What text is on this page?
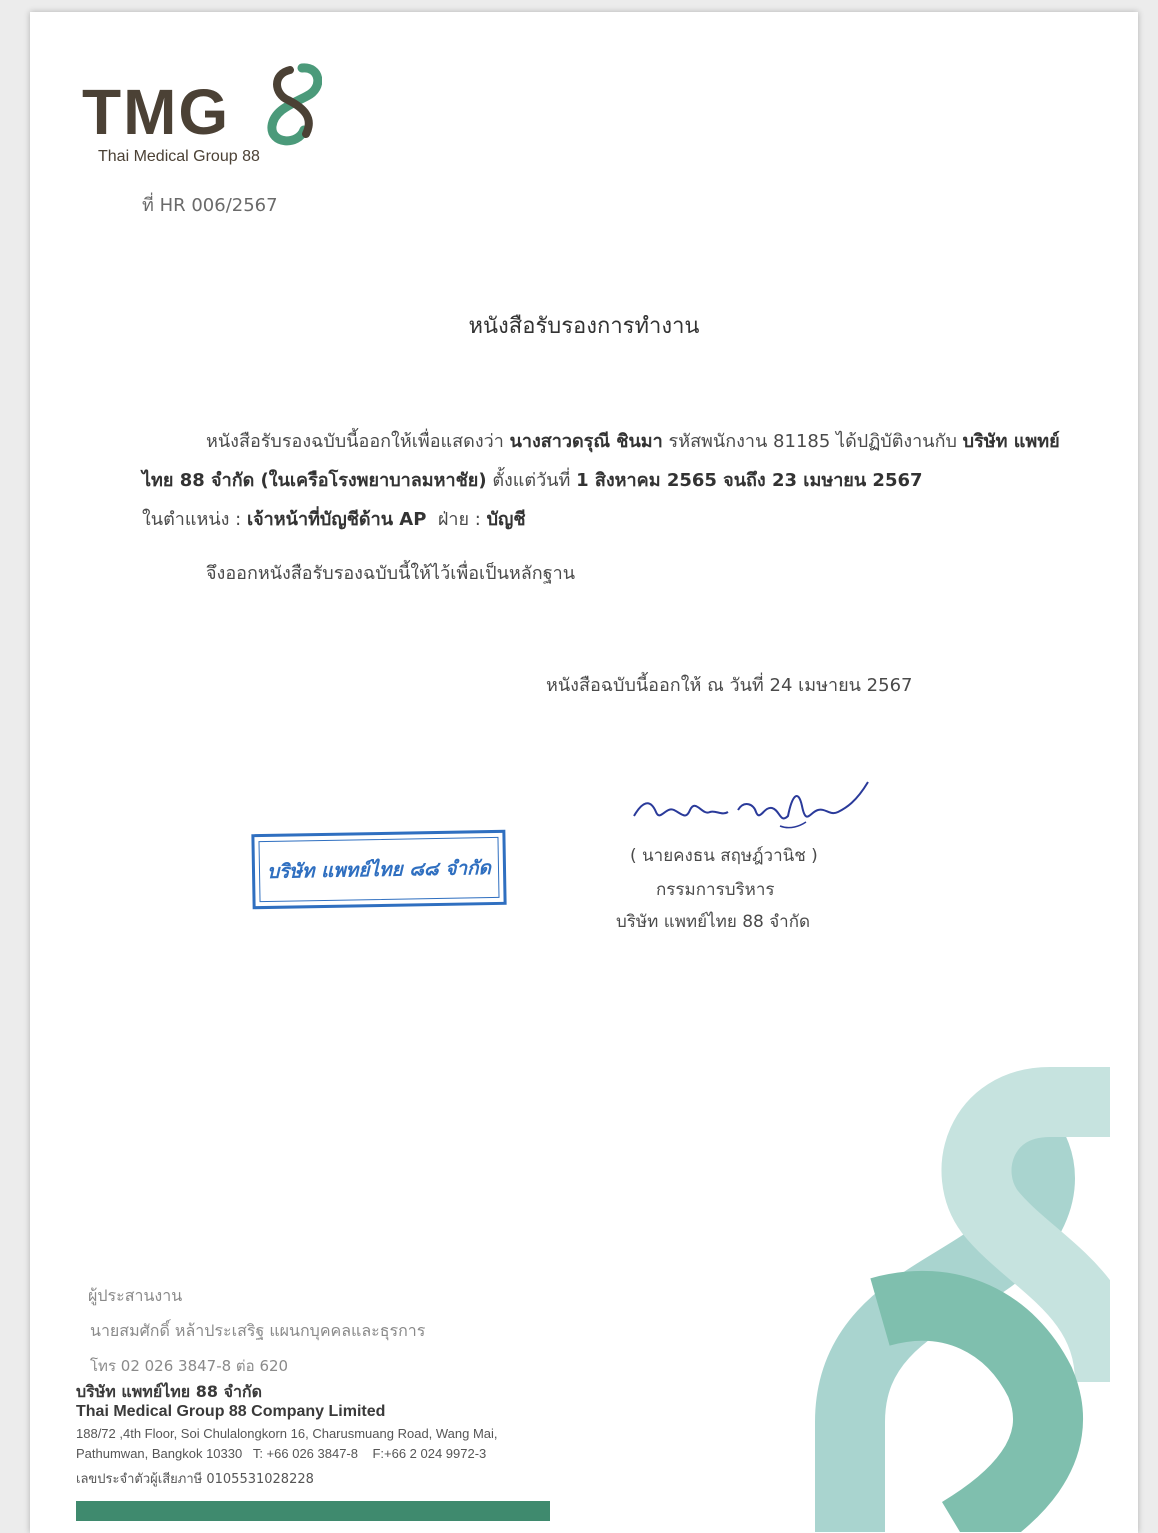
TMG
Thai Medical Group 88
ที่ HR 006/2567
หนังสือรับรองการทำงาน
หนังสือรับรองฉบับนี้ออกให้เพื่อแสดงว่า นางสาวดรุณี ชินมา รหัสพนักงาน 81185 ได้ปฏิบัติงานกับ บริษัท แพทย์ไทย 88 จำกัด (ในเครือโรงพยาบาลมหาชัย) ตั้งแต่วันที่ 1 สิงหาคม 2565 จนถึง 23 เมษายน 2567
ในตำแหน่ง : เจ้าหน้าที่บัญชีด้าน AP ฝ่าย : บัญชี
จึงออกหนังสือรับรองฉบับนี้ให้ไว้เพื่อเป็นหลักฐาน
หนังสือฉบับนี้ออกให้ ณ วันที่ 24 เมษายน 2567
( นายคงธน สฤษฎ์วานิช )
กรรมการบริหาร
บริษัท แพทย์ไทย 88 จำกัด
บริษัท แพทย์ไทย ๘๘ จำกัด
ผู้ประสานงาน
นายสมศักดิ์ หล้าประเสริฐ แผนกบุคคลและธุรการ
โทร 02 026 3847-8 ต่อ 620
บริษัท แพทย์ไทย 88 จำกัด
Thai Medical Group 88 Company Limited
188/72 ,4th Floor, Soi Chulalongkorn 16, Charusmuang Road, Wang Mai,
Pathumwan, Bangkok 10330   T: +66 026 3847-8    F:+66 2 024 9972-3
เลขประจำตัวผู้เสียภาษี 0105531028228
